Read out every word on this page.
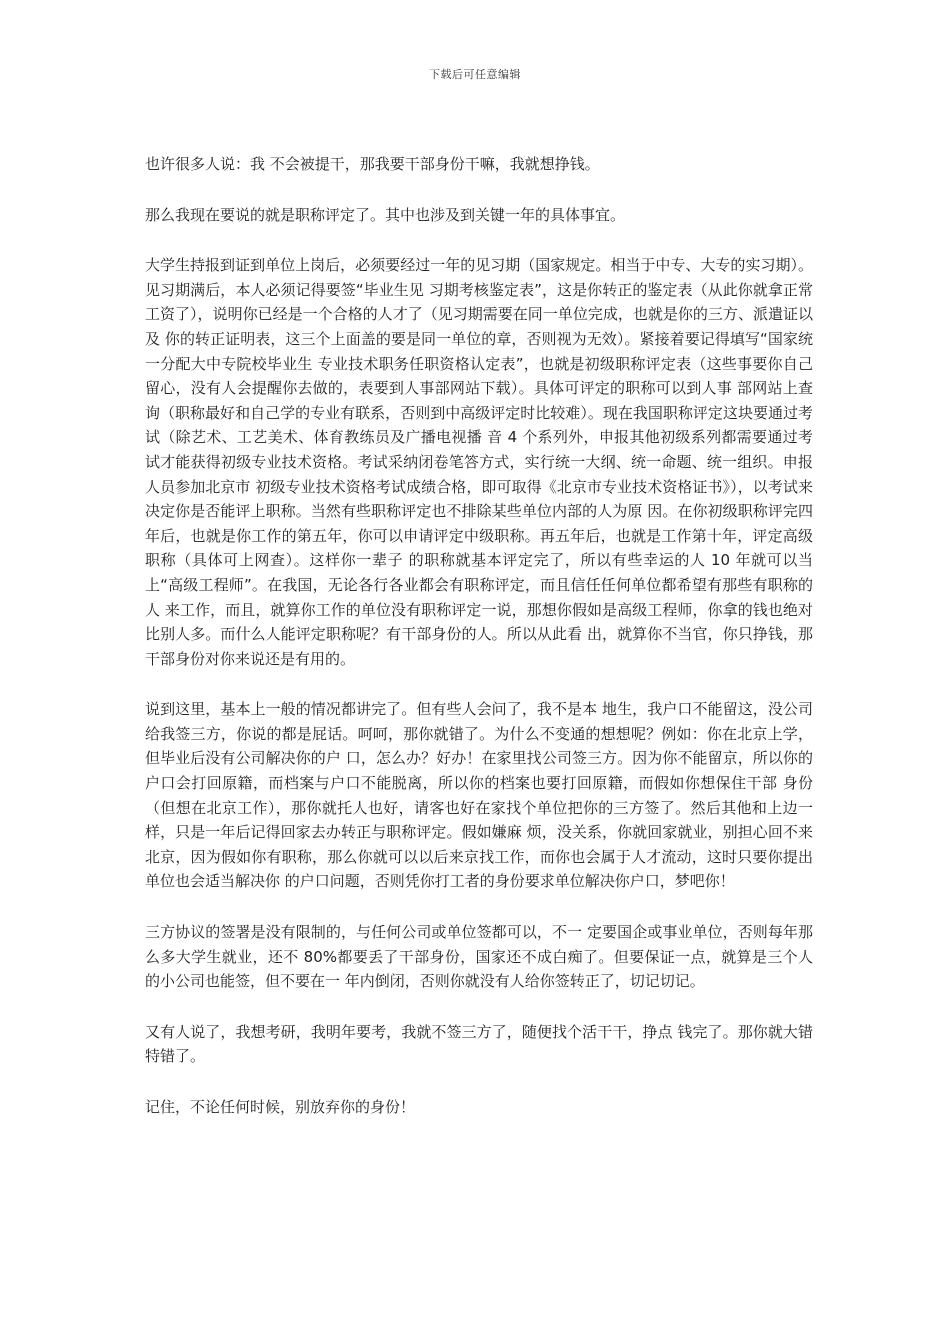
下载后可任意编辑

也许很多人说：我 不会被提干，那我要干部身份干嘛，我就想挣钱。

那么我现在要说的就是职称评定了。其中也涉及到关键一年的具体事宜。

大学生持报到证到单位上岗后，必须要经过一年的见习期（国家规定。相当于中专、大专的实习期）。见习期满后，本人必须记得要签“毕业生见 习期考核鉴定表”，这是你转正的鉴定表（从此你就拿正常工资了），说明你已经是一个合格的人才了（见习期需要在同一单位完成，也就是你的三方、派遣证以及 你的转正证明表，这三个上面盖的要是同一单位的章，否则视为无效）。紧接着要记得填写“国家统一分配大中专院校毕业生 专业技术职务任职资格认定表”，也就是初级职称评定表（这些事要你自己留心，没有人会提醒你去做的，表要到人事部网站下载）。具体可评定的职称可以到人事 部网站上查询（职称最好和自己学的专业有联系，否则到中高级评定时比较难）。现在我国职称评定这块要通过考试（除艺术、工艺美术、体育教练员及广播电视播 音 4 个系列外，申报其他初级系列都需要通过考试才能获得初级专业技术资格。考试采纳闭卷笔答方式，实行统一大纲、统一命题、统一组织。申报人员参加北京市 初级专业技术资格考试成绩合格，即可取得《北京市专业技术资格证书》），以考试来决定你是否能评上职称。当然有些职称评定也不排除某些单位内部的人为原 因。在你初级职称评完四年后，也就是你工作的第五年，你可以申请评定中级职称。再五年后，也就是工作第十年，评定高级职称（具体可上网查）。这样你一辈子 的职称就基本评定完了，所以有些幸运的人 10 年就可以当上“高级工程师”。在我国，无论各行各业都会有职称评定，而且信任任何单位都希望有那些有职称的人 来工作，而且，就算你工作的单位没有职称评定一说，那想你假如是高级工程师，你拿的钱也绝对比别人多。而什么人能评定职称呢？有干部身份的人。所以从此看 出，就算你不当官，你只挣钱，那干部身份对你来说还是有用的。

说到这里，基本上一般的情况都讲完了。但有些人会问了，我不是本 地生，我户口不能留这，没公司给我签三方，你说的都是屁话。呵呵，那你就错了。为什么不变通的想想呢？例如：你在北京上学，但毕业后没有公司解决你的户 口，怎么办？好办！在家里找公司签三方。因为你不能留京，所以你的户口会打回原籍，而档案与户口不能脱离，所以你的档案也要打回原籍，而假如你想保住干部 身份（但想在北京工作），那你就托人也好，请客也好在家找个单位把你的三方签了。然后其他和上边一样，只是一年后记得回家去办转正与职称评定。假如嫌麻 烦，没关系，你就回家就业，别担心回不来北京，因为假如你有职称，那么你就可以以后来京找工作，而你也会属于人才流动，这时只要你提出单位也会适当解决你 的户口问题，否则凭你打工者的身份要求单位解决你户口，梦吧你！

三方协议的签署是没有限制的，与任何公司或单位签都可以，不一 定要国企或事业单位，否则每年那么多大学生就业，还不 80%都要丢了干部身份，国家还不成白痴了。但要保证一点，就算是三个人的小公司也能签，但不要在一 年内倒闭，否则你就没有人给你签转正了，切记切记。

又有人说了，我想考研，我明年要考，我就不签三方了，随便找个活干干，挣点 钱完了。那你就大错特错了。

记住，不论任何时候，别放弃你的身份！
